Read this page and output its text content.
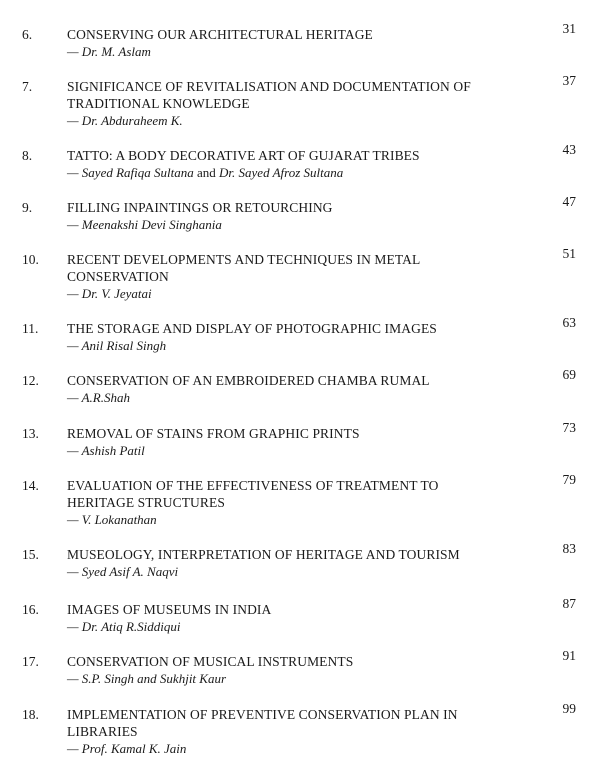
6.	CONSERVING OUR ARCHITECTURAL HERITAGE
— Dr. M. Aslam
31
7.	SIGNIFICANCE OF REVITALISATION AND DOCUMENTATION OF TRADITIONAL KNOWLEDGE
— Dr. Abduraheem K.
37
8.	TATTO: A BODY DECORATIVE ART OF GUJARAT TRIBES
— Sayed Rafiqa Sultana and Dr. Sayed Afroz Sultana
43
9.	FILLING INPAINTINGS OR RETOURCHING
— Meenakshi Devi Singhania
47
10. RECENT DEVELOPMENTS AND TECHNIQUES IN METAL CONSERVATION
— Dr. V. Jeyatai
51
11. THE STORAGE AND DISPLAY OF PHOTOGRAPHIC IMAGES
— Anil Risal Singh
63
12. CONSERVATION OF AN EMBROIDERED CHAMBA RUMAL
— A.R.Shah
69
13. REMOVAL OF STAINS FROM GRAPHIC PRINTS
— Ashish Patil
73
14. EVALUATION OF THE EFFECTIVENESS OF TREATMENT TO HERITAGE STRUCTURES
— V. Lokanathan
79
15. MUSEOLOGY, INTERPRETATION OF HERITAGE AND TOURISM
— Syed Asif A. Naqvi
83
16. IMAGES OF MUSEUMS IN INDIA
— Dr. Atiq R.Siddiqui
87
17. CONSERVATION OF MUSICAL INSTRUMENTS
— S.P. Singh and Sukhjit Kaur
91
18. IMPLEMENTATION OF PREVENTIVE CONSERVATION PLAN IN LIBRARIES
— Prof. Kamal K. Jain
99
